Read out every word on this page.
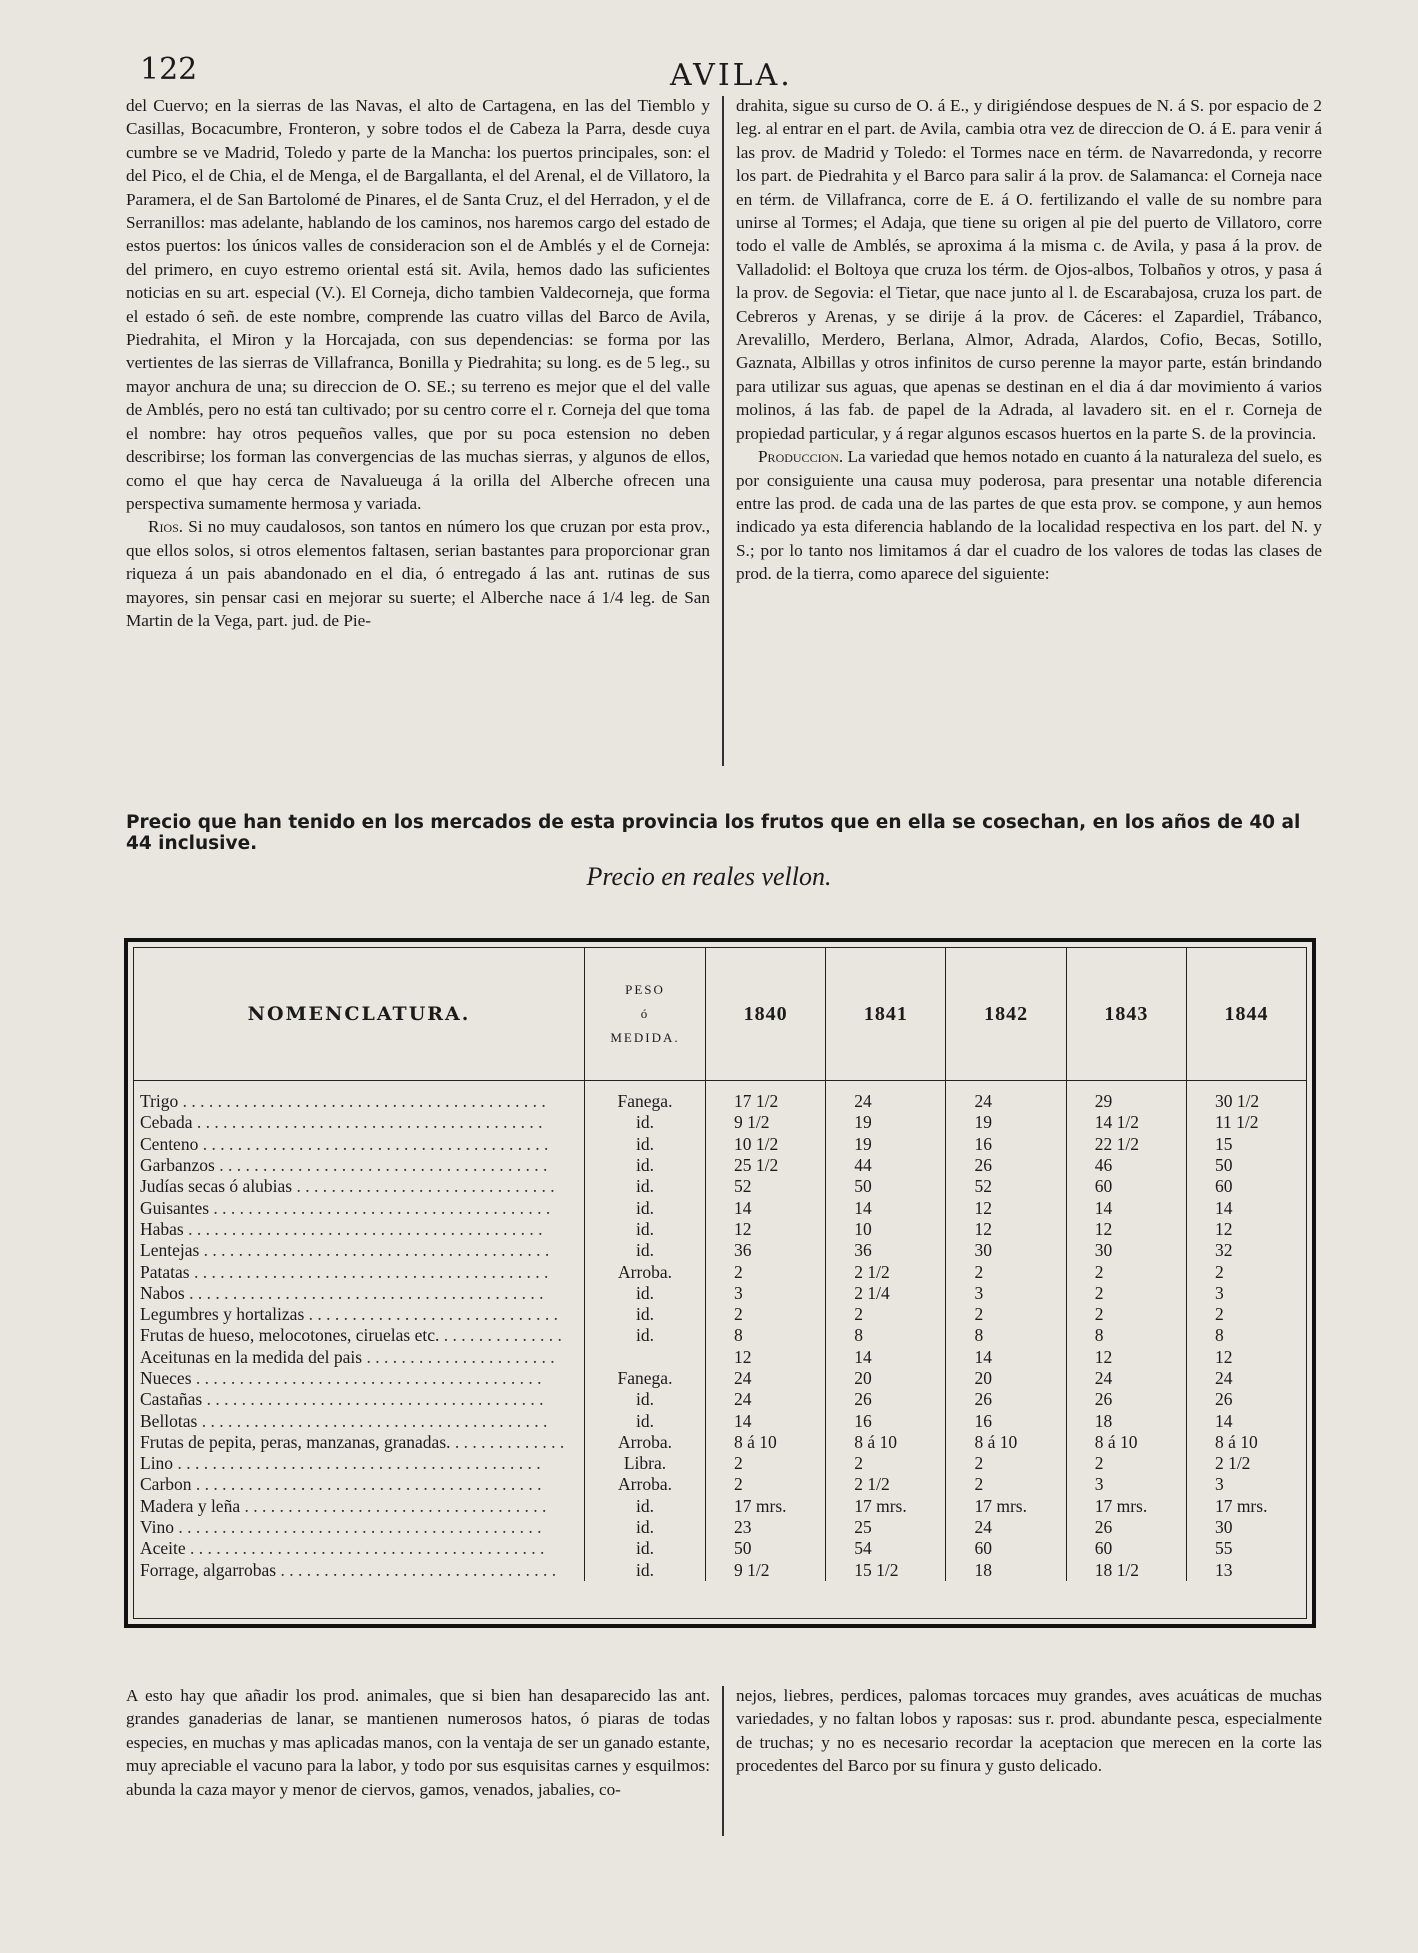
122	AVILA.

del Cuervo; en la sierras de las Navas, el alto de Cartagena, en las del Tiemblo y Casillas, Bocacumbre, Fronteron, y sobre todos el de Cabeza la Parra, desde cuya cumbre se ve Madrid, Toledo y parte de la Mancha: los puertos principales, son: el del Pico, el de Chia, el de Menga, el de Bargallanta, el del Arenal, el de Villatoro, la Paramera, el de San Bartolomé de Pinares, el de Santa Cruz, el del Herradon, y el de Serranillos: mas adelante, hablando de los caminos, nos haremos cargo del estado de estos puertos: los únicos valles de consideracion son el de Amblés y el de Corneja: del primero, en cuyo estremo oriental está sit. Avila, hemos dado las suficientes noticias en su art. especial (V.). El Corneja, dicho tambien Valdecorneja, que forma el estado ó señ. de este nombre, comprende las cuatro villas del Barco de Avila, Piedrahita, el Miron y la Horcajada, con sus dependencias: se forma por las vertientes de las sierras de Villafranca, Bonilla y Piedrahita; su long. es de 5 leg., su mayor anchura de una; su direccion de O. SE.; su terreno es mejor que el del valle de Amblés, pero no está tan cultivado; por su centro corre el r. Corneja del que toma el nombre: hay otros pequeños valles, que por su poca estension no deben describirse; los forman las convergencias de las muchas sierras, y algunos de ellos, como el que hay cerca de Navalueuga á la orilla del Alberche ofrecen una perspectiva sumamente hermosa y variada.

Rios. Si no muy caudalosos, son tantos en número los que cruzan por esta prov., que ellos solos, si otros elementos faltasen, serian bastantes para proporcionar gran riqueza á un pais abandonado en el dia, ó entregado á las ant. rutinas de sus mayores, sin pensar casi en mejorar su suerte; el Alberche nace á 1/4 leg. de San Martin de la Vega, part. jud. de Pie-

drahita, sigue su curso de O. á E., y dirigiéndose despues de N. á S. por espacio de 2 leg. al entrar en el part. de Avila, cambia otra vez de direccion de O. á E. para venir á las prov. de Madrid y Toledo: el Tormes nace en térm. de Navarredonda, y recorre los part. de Piedrahita y el Barco para salir á la prov. de Salamanca: el Corneja nace en térm. de Villafranca, corre de E. á O. fertilizando el valle de su nombre para unirse al Tormes; el Adaja, que tiene su origen al pie del puerto de Villatoro, corre todo el valle de Amblés, se aproxima á la misma c. de Avila, y pasa á la prov. de Valladolid: el Boltoya que cruza los térm. de Ojos-albos, Tolbaños y otros, y pasa á la prov. de Segovia: el Tietar, que nace junto al l. de Escarabajosa, cruza los part. de Cebreros y Arenas, y se dirije á la prov. de Cáceres: el Zapardiel, Trábanco, Arevalillo, Merdero, Berlana, Almor, Adrada, Alardos, Cofio, Becas, Sotillo, Gaznata, Albillas y otros infinitos de curso perenne la mayor parte, están brindando para utilizar sus aguas, que apenas se destinan en el dia á dar movimiento á varios molinos, á las fab. de papel de la Adrada, al lavadero sit. en el r. Corneja de propiedad particular, y á regar algunos escasos huertos en la parte S. de la provincia.

Produccion. La variedad que hemos notado en cuanto á la naturaleza del suelo, es por consiguiente una causa muy poderosa, para presentar una notable diferencia entre las prod. de cada una de las partes de que esta prov. se compone, y aun hemos indicado ya esta diferencia hablando de la localidad respectiva en los part. del N. y S.; por lo tanto nos limitamos á dar el cuadro de los valores de todas las clases de prod. de la tierra, como aparece del siguiente:

Precio que han tenido en los mercados de esta provincia los frutos que en ella se cosechan, en los años de 40 al 44 inclusive.
Precio en reales vellon.
NOMENCLATURA.	PESO
ó
MEDIDA.	1840	1841	1842	1843	1844
Trigo . . . . . . . . . . . . . . . . . . . . . . . . . . . . . . . . . . . . . . . . . .	Fanega.	17 1/2	24	24	29	30 1/2
Cebada . . . . . . . . . . . . . . . . . . . . . . . . . . . . . . . . . . . . . . . .	id.	9 1/2	19	19	14 1/2	11 1/2
Centeno . . . . . . . . . . . . . . . . . . . . . . . . . . . . . . . . . . . . . . . .	id.	10 1/2	19	16	22 1/2	15
Garbanzos . . . . . . . . . . . . . . . . . . . . . . . . . . . . . . . . . . . . . .	id.	25 1/2	44	26	46	50
Judías secas ó alubias . . . . . . . . . . . . . . . . . . . . . . . . . . . . . .	id.	52	50	52	60	60
Guisantes . . . . . . . . . . . . . . . . . . . . . . . . . . . . . . . . . . . . . . .	id.	14	14	12	14	14
Habas . . . . . . . . . . . . . . . . . . . . . . . . . . . . . . . . . . . . . . . . .	id.	12	10	12	12	12
Lentejas . . . . . . . . . . . . . . . . . . . . . . . . . . . . . . . . . . . . . . . .	id.	36	36	30	30	32
Patatas . . . . . . . . . . . . . . . . . . . . . . . . . . . . . . . . . . . . . . . . .	Arroba.	2	2 1/2	2	2	2
Nabos . . . . . . . . . . . . . . . . . . . . . . . . . . . . . . . . . . . . . . . . .	id.	3	2 1/4	3	2	3
Legumbres y hortalizas . . . . . . . . . . . . . . . . . . . . . . . . . . . . .	id.	2	2	2	2	2
Frutas de hueso, melocotones, ciruelas etc. . . . . . . . . . . . . . .	id.	8	8	8	8	8
Aceitunas en la medida del pais . . . . . . . . . . . . . . . . . . . . . .		12	14	14	12	12
Nueces . . . . . . . . . . . . . . . . . . . . . . . . . . . . . . . . . . . . . . . .	Fanega.	24	20	20	24	24
Castañas . . . . . . . . . . . . . . . . . . . . . . . . . . . . . . . . . . . . . . .	id.	24	26	26	26	26
Bellotas . . . . . . . . . . . . . . . . . . . . . . . . . . . . . . . . . . . . . . . .	id.	14	16	16	18	14
Frutas de pepita, peras, manzanas, granadas. . . . . . . . . . . . . .	Arroba.	8 á 10	8 á 10	8 á 10	8 á 10	8 á 10
Lino . . . . . . . . . . . . . . . . . . . . . . . . . . . . . . . . . . . . . . . . . .	Libra.	2	2	2	2	2 1/2
Carbon . . . . . . . . . . . . . . . . . . . . . . . . . . . . . . . . . . . . . . . .	Arroba.	2	2 1/2	2	3	3
Madera y leña . . . . . . . . . . . . . . . . . . . . . . . . . . . . . . . . . . .	id.	17 mrs.	17 mrs.	17 mrs.	17 mrs.	17 mrs.
Vino . . . . . . . . . . . . . . . . . . . . . . . . . . . . . . . . . . . . . . . . . .	id.	23	25	24	26	30
Aceite . . . . . . . . . . . . . . . . . . . . . . . . . . . . . . . . . . . . . . . . .	id.	50	54	60	60	55
Forrage, algarrobas . . . . . . . . . . . . . . . . . . . . . . . . . . . . . . . .	id.	9 1/2	15 1/2	18	18 1/2	13

A esto hay que añadir los prod. animales, que si bien han desaparecido las ant. grandes ganaderias de lanar, se mantienen numerosos hatos, ó piaras de todas especies, en muchas y mas aplicadas manos, con la ventaja de ser un ganado estante, muy apreciable el vacuno para la labor, y todo por sus esquisitas carnes y esquilmos: abunda la caza mayor y menor de ciervos, gamos, venados, jabalies, co-

nejos, liebres, perdices, palomas torcaces muy grandes, aves acuáticas de muchas variedades, y no faltan lobos y raposas: sus r. prod. abundante pesca, especialmente de truchas; y no es necesario recordar la aceptacion que merecen en la corte las procedentes del Barco por su finura y gusto delicado.
